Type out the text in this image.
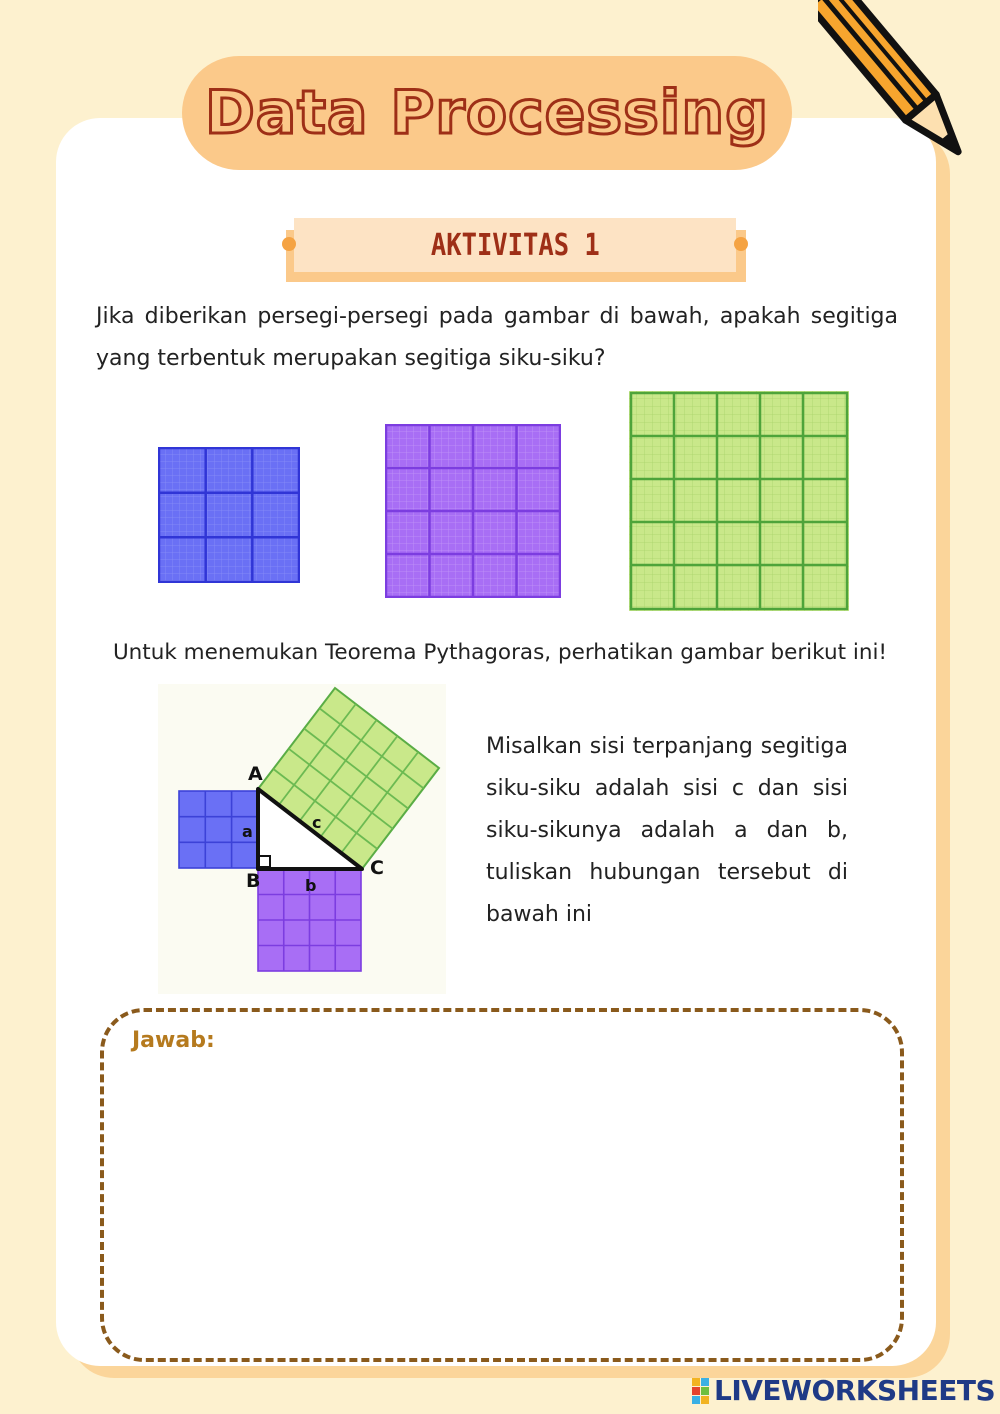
Data Processing
AKTIVITAS 1
Jika diberikan persegi-persegi pada gambar di bawah, apakah segitiga yang terbentuk merupakan segitiga siku-siku?
Untuk menemukan Teorema Pythagoras, perhatikan gambar berikut ini!
A
B
C
a
b
c
Misalkan sisi terpanjang segitiga siku-siku adalah sisi c dan sisi siku-sikunya adalah a dan b, tuliskan hubungan tersebut di bawah ini
Jawab:
LIVEWORKSHEETS
